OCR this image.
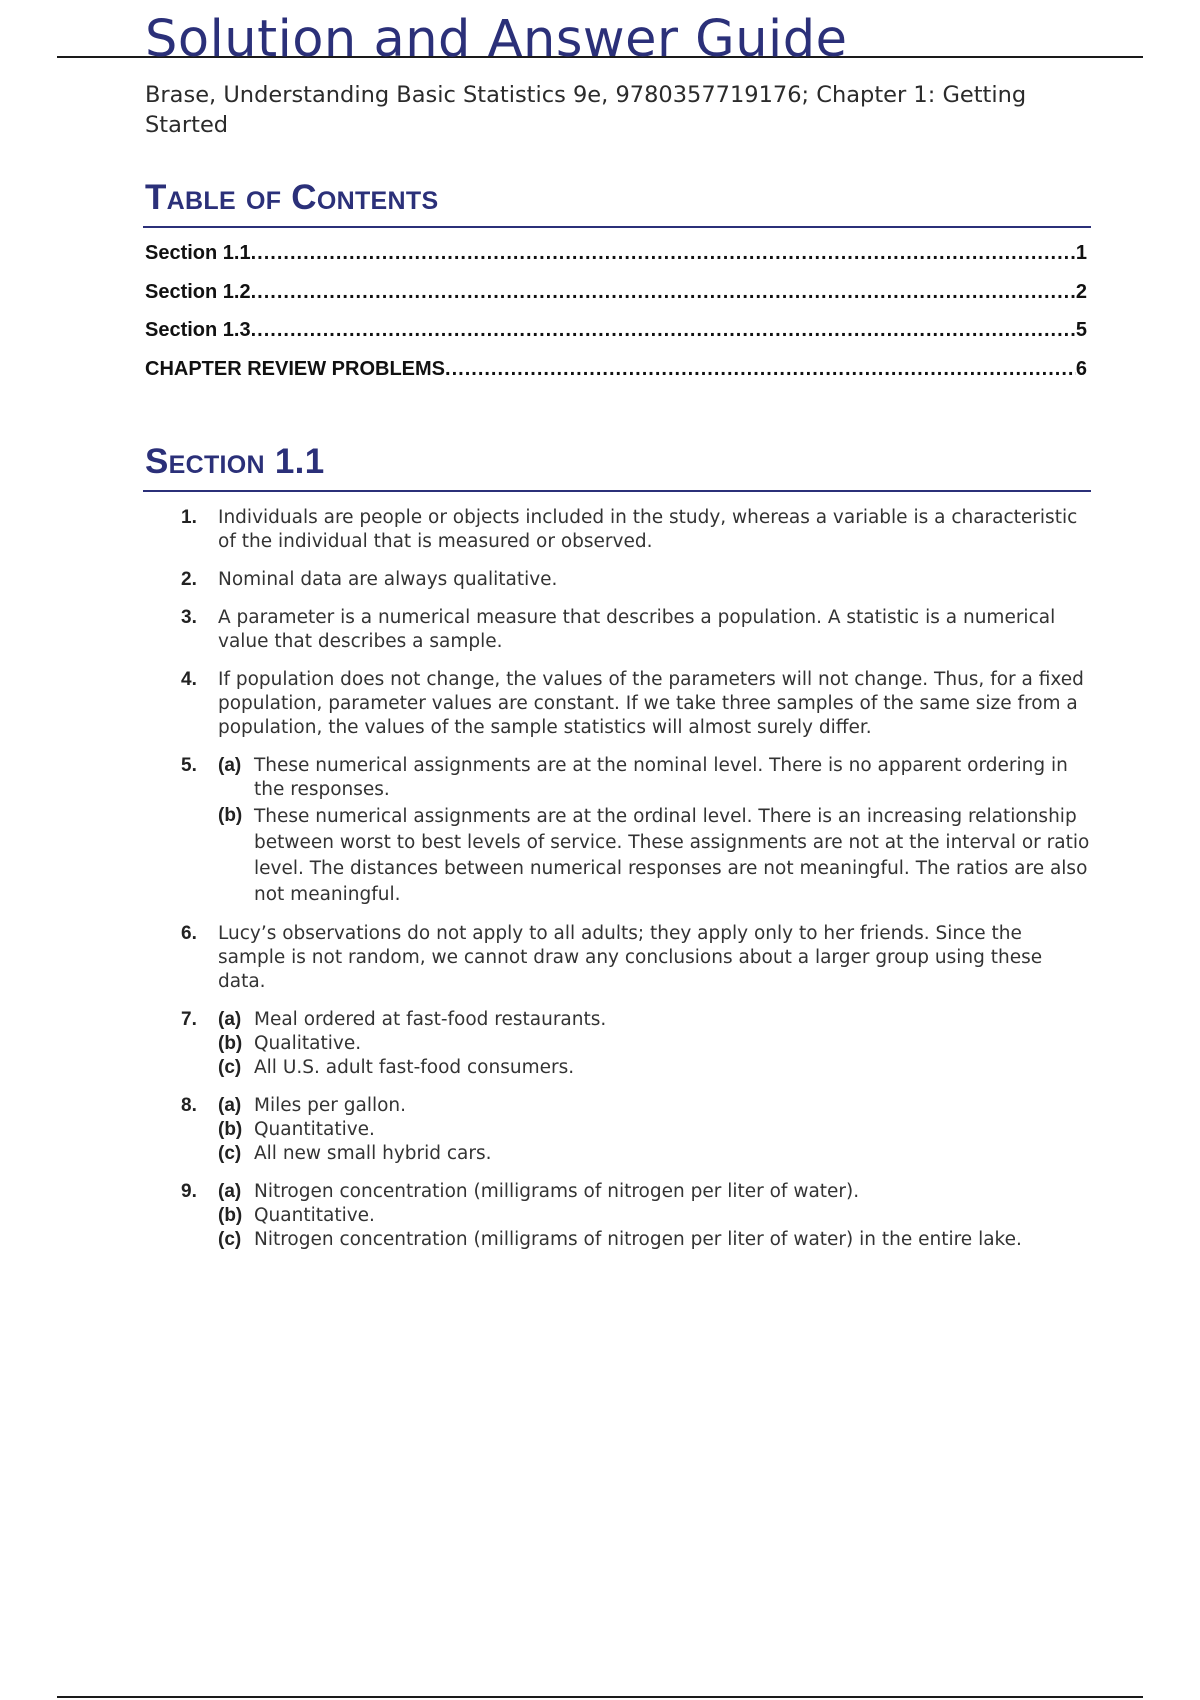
Solution and Answer Guide

Brase, Understanding Basic Statistics 9e, 9780357719176; Chapter 1: Getting Started

Table of Contents
Section 1.1 .....	1
Section 1.2 .....	2
Section 1.3 .....	5
CHAPTER REVIEW PROBLEMS .....	6
Section 1.1
1.	Individuals are people or objects included in the study, whereas a variable is a characteristic of the individual that is measured or observed.
2.	Nominal data are always qualitative.
3.	A parameter is a numerical measure that describes a population. A statistic is a numerical value that describes a sample.
4.	If population does not change, the values of the parameters will not change. Thus, for a fixed population, parameter values are constant. If we take three samples of the same size from a population, the values of the sample statistics will almost surely differ.
5.	(a) These numerical assignments are at the nominal level. There is no apparent ordering in the responses.
(b) These numerical assignments are at the ordinal level. There is an increasing relationship between worst to best levels of service. These assignments are not at the interval or ratio level. The distances between numerical responses are not meaningful. The ratios are also not meaningful.
6.	Lucy’s observations do not apply to all adults; they apply only to her friends. Since the sample is not random, we cannot draw any conclusions about a larger group using these data.
7.	(a) Meal ordered at fast-food restaurants.
(b) Qualitative.
(c) All U.S. adult fast-food consumers.
8.	(a) Miles per gallon.
(b) Quantitative.
(c) All new small hybrid cars.
9.	(a) Nitrogen concentration (milligrams of nitrogen per liter of water).
(b) Quantitative.
(c) Nitrogen concentration (milligrams of nitrogen per liter of water) in the entire lake.
